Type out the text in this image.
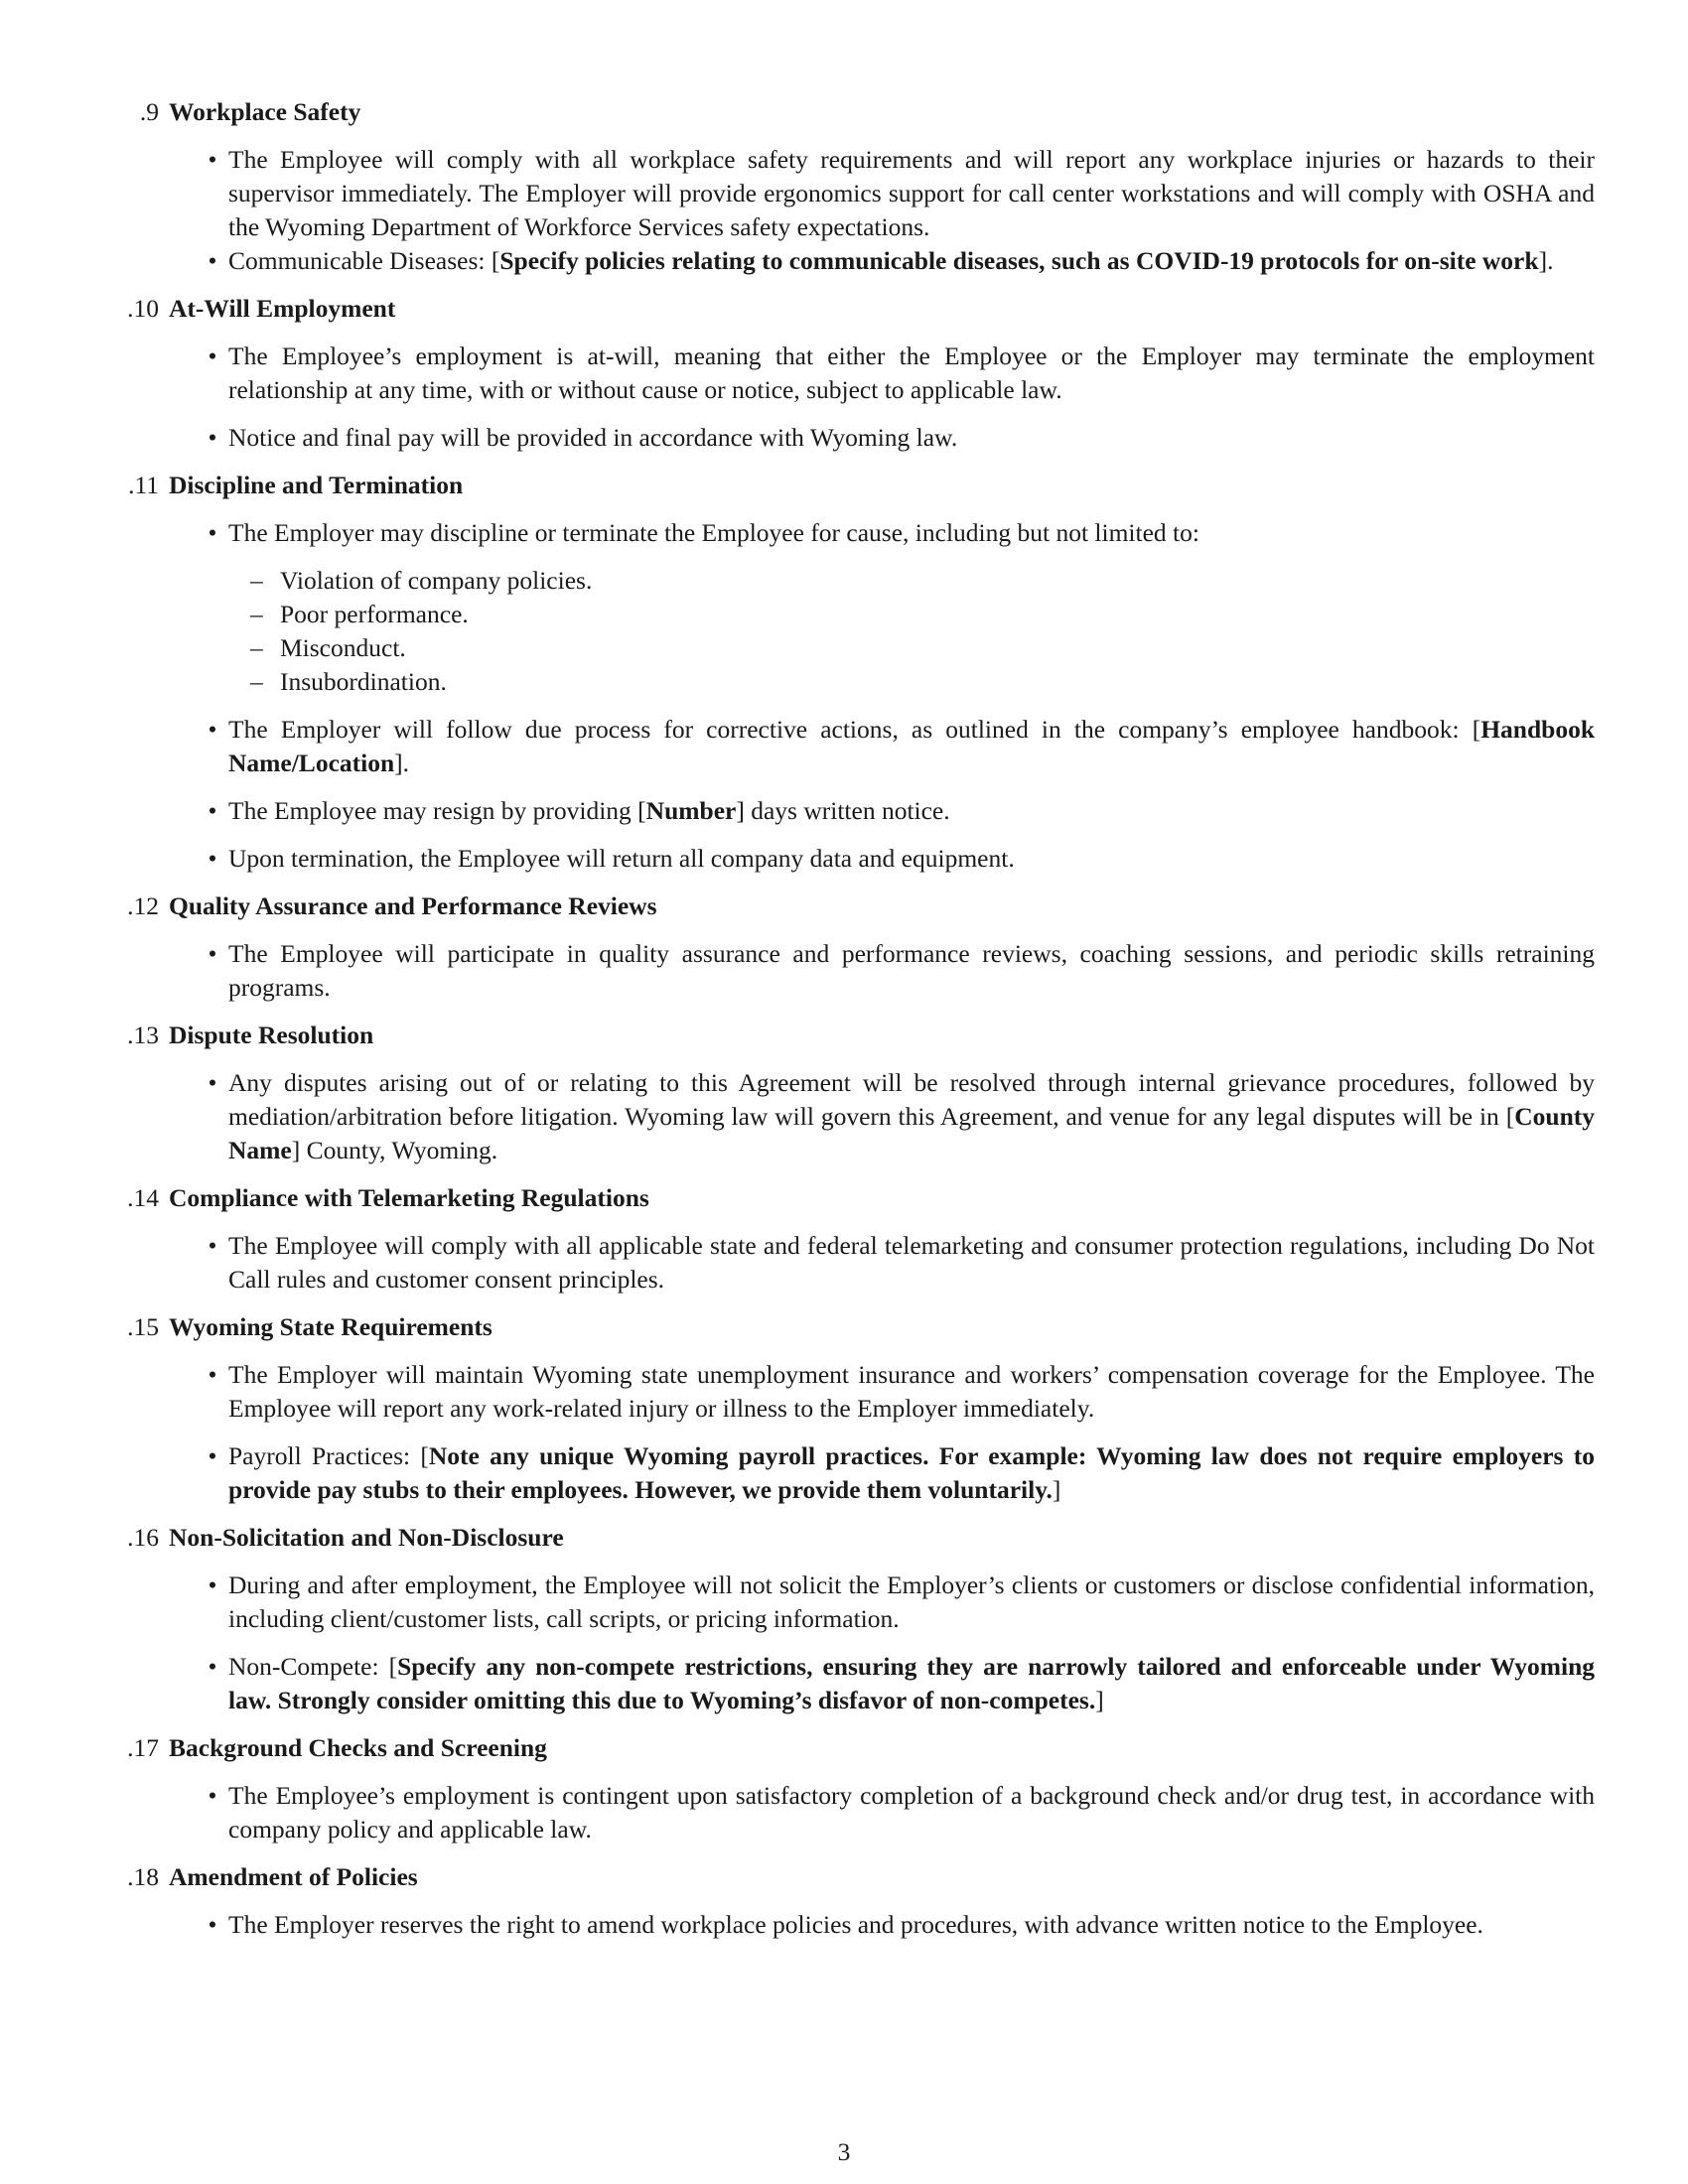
9. Workplace Safety
• The Employee will comply with all workplace safety requirements and will report any workplace injuries or hazards to their supervisor immediately. The Employer will provide ergonomics support for call center workstations and will comply with OSHA and the Wyoming Department of Workforce Services safety expectations.
• Communicable Diseases: [Specify policies relating to communicable diseases, such as COVID-19 protocols for on-site work].
10. At-Will Employment
• The Employee’s employment is at-will, meaning that either the Employee or the Employer may terminate the employment relationship at any time, with or without cause or notice, subject to applicable law.
• Notice and final pay will be provided in accordance with Wyoming law.
11. Discipline and Termination
• The Employer may discipline or terminate the Employee for cause, including but not limited to:
– Violation of company policies.
– Poor performance.
– Misconduct.
– Insubordination.
• The Employer will follow due process for corrective actions, as outlined in the company’s employee handbook: [Handbook Name/Location].
• The Employee may resign by providing [Number] days written notice.
• Upon termination, the Employee will return all company data and equipment.
12. Quality Assurance and Performance Reviews
• The Employee will participate in quality assurance and performance reviews, coaching sessions, and periodic skills retraining programs.
13. Dispute Resolution
• Any disputes arising out of or relating to this Agreement will be resolved through internal grievance procedures, followed by mediation/arbitration before litigation. Wyoming law will govern this Agreement, and venue for any legal disputes will be in [County Name] County, Wyoming.
14. Compliance with Telemarketing Regulations
• The Employee will comply with all applicable state and federal telemarketing and consumer protection regulations, including Do Not Call rules and customer consent principles.
15. Wyoming State Requirements
• The Employer will maintain Wyoming state unemployment insurance and workers’ compensation coverage for the Employee. The Employee will report any work-related injury or illness to the Employer immediately.
• Payroll Practices: [Note any unique Wyoming payroll practices. For example: Wyoming law does not require employers to provide pay stubs to their employees. However, we provide them voluntarily.]
16. Non-Solicitation and Non-Disclosure
• During and after employment, the Employee will not solicit the Employer’s clients or customers or disclose confidential information, including client/customer lists, call scripts, or pricing information.
• Non-Compete: [Specify any non-compete restrictions, ensuring they are narrowly tailored and enforceable under Wyoming law. Strongly consider omitting this due to Wyoming’s disfavor of non-competes.]
17. Background Checks and Screening
• The Employee’s employment is contingent upon satisfactory completion of a background check and/or drug test, in accordance with company policy and applicable law.
18. Amendment of Policies
• The Employer reserves the right to amend workplace policies and procedures, with advance written notice to the Employee.
3
